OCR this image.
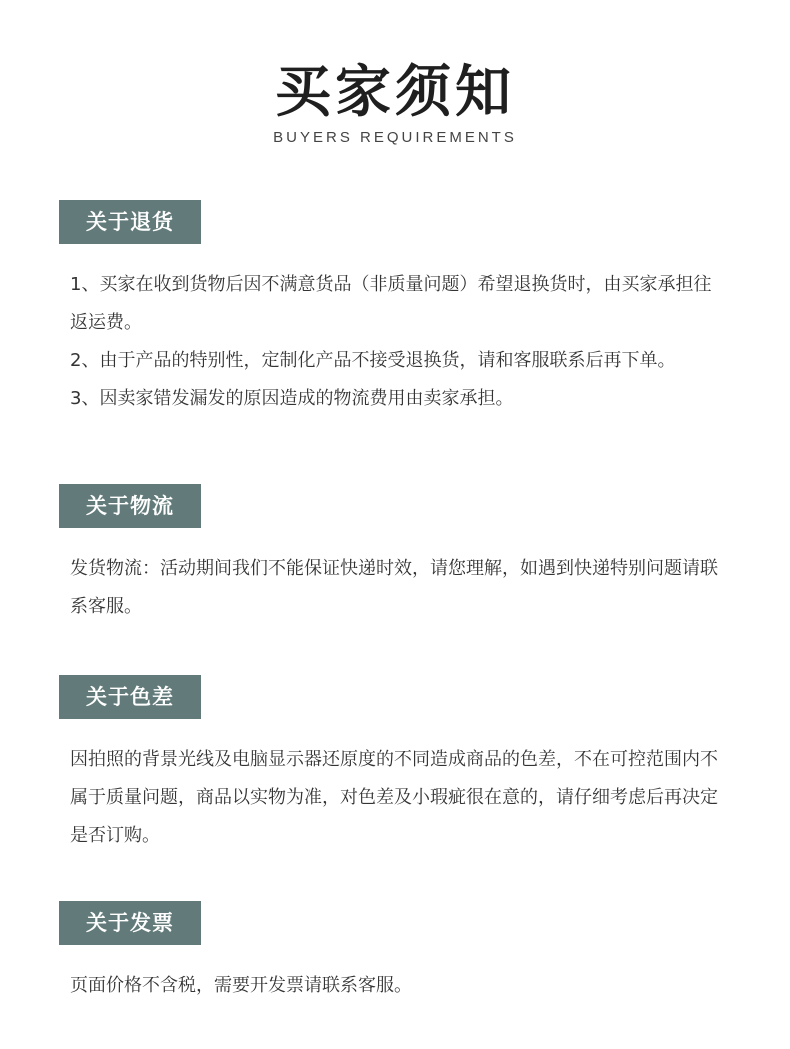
买家须知
BUYERS REQUIREMENTS
关于退货

1、买家在收到货物后因不满意货品（非质量问题）希望退换货时，由买家承担往返运费。

2、由于产品的特别性，定制化产品不接受退换货，请和客服联系后再下单。

3、因卖家错发漏发的原因造成的物流费用由卖家承担。

关于物流

发货物流：活动期间我们不能保证快递时效，请您理解，如遇到快递特别问题请联系客服。

关于色差

因拍照的背景光线及电脑显示器还原度的不同造成商品的色差，不在可控范围内不属于质量问题，商品以实物为准，对色差及小瑕疵很在意的，请仔细考虑后再决定是否订购。

关于发票

页面价格不含税，需要开发票请联系客服。
